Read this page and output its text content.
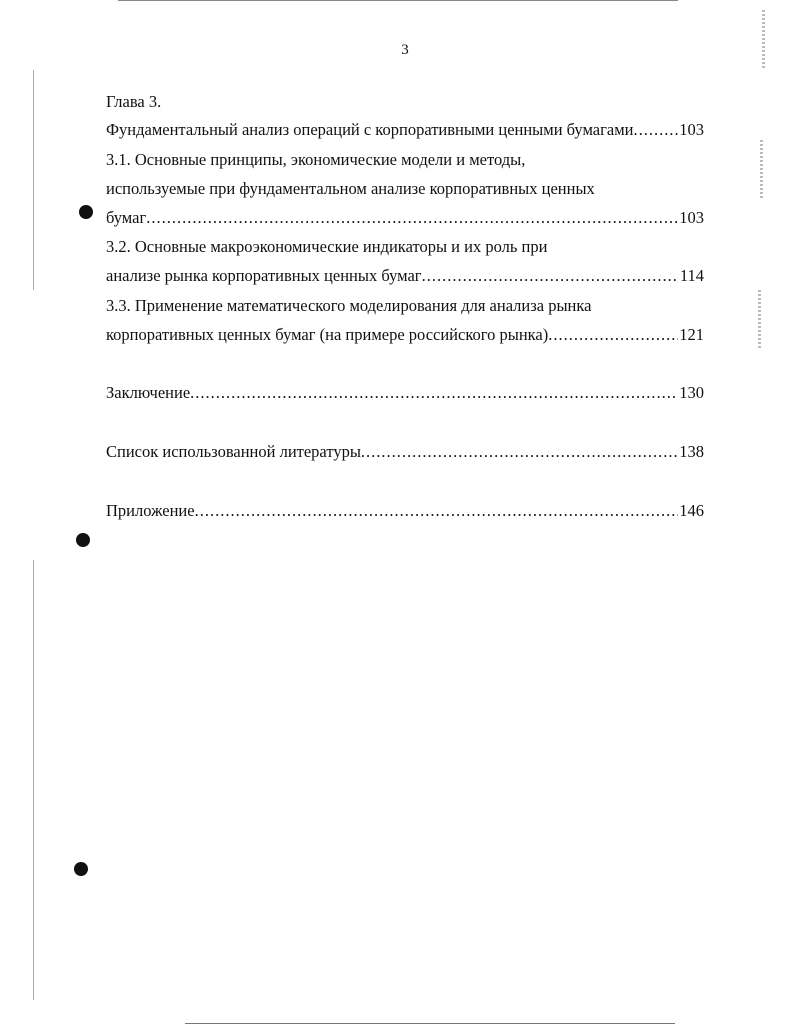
3
Глава 3.
Фундаментальный анализ операций с корпоративными ценными бумагами .....	103
3.1. Основные принципы, экономические модели и методы,
используемые при фундаментальном анализе корпоративных ценных
бумаг .....	103
3.2. Основные макроэкономические индикаторы и их роль при
анализе рынка корпоративных ценных бумаг .....	114
3.3. Применение математического моделирования для анализа рынка
корпоративных ценных бумаг (на примере российского рынка) .....	121
Заключение .....	130
Список использованной литературы .....	138
Приложение .....	146
